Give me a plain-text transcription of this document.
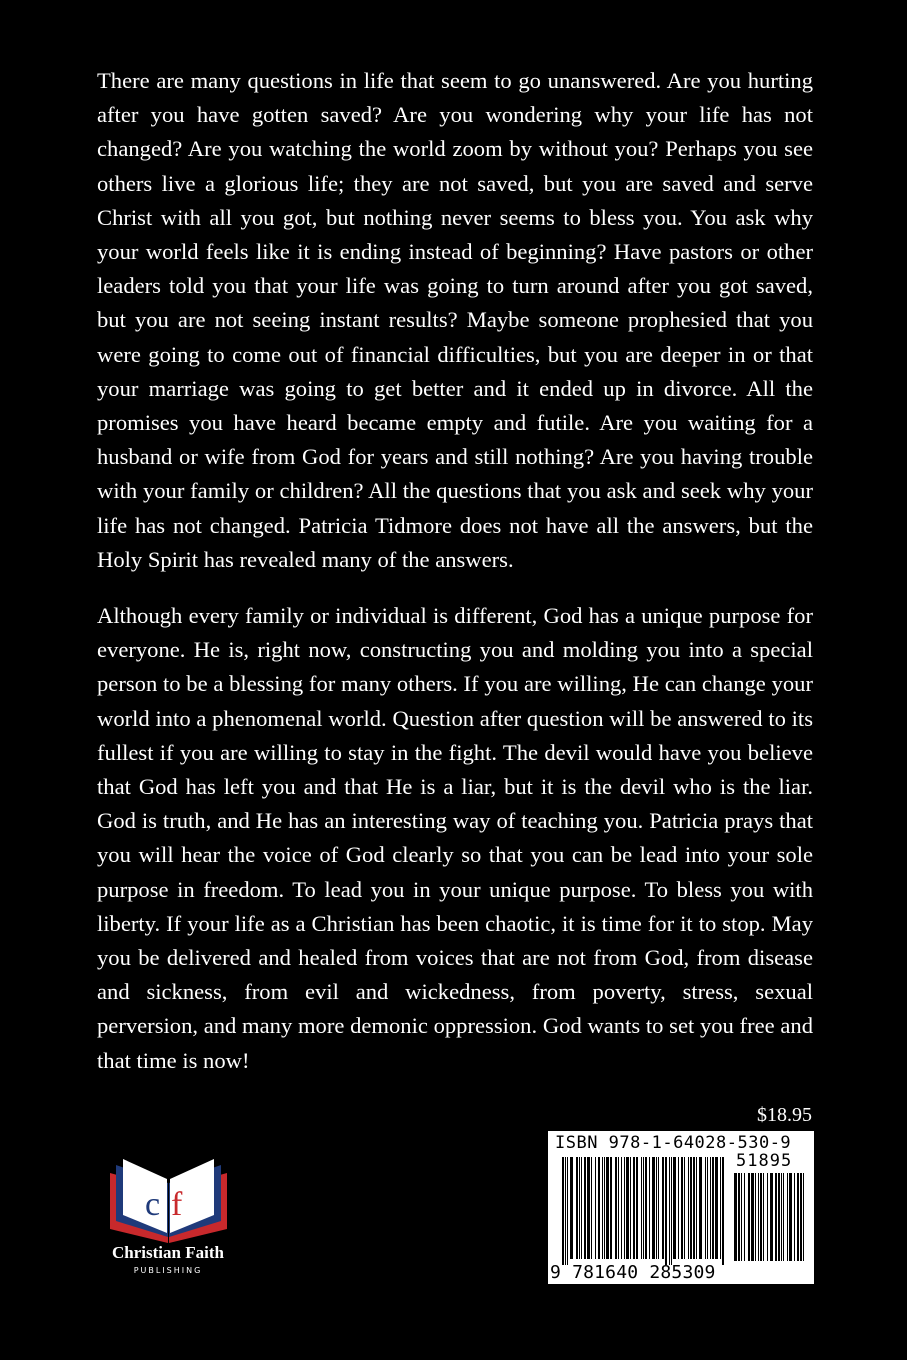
There are many questions in life that seem to go unanswered. Are you hurting after you have gotten saved? Are you wondering why your life has not changed? Are you watching the world zoom by without you? Perhaps you see others live a glorious life; they are not saved, but you are saved and serve Christ with all you got, but nothing never seems to bless you. You ask why your world feels like it is ending instead of beginning? Have pastors or other leaders told you that your life was going to turn around after you got saved, but you are not seeing instant results? Maybe someone prophesied that you were going to come out of financial difficulties, but you are deeper in or that your marriage was going to get better and it ended up in divorce. All the promises you have heard became empty and futile. Are you waiting for a husband or wife from God for years and still nothing? Are you having trouble with your family or children? All the questions that you ask and seek why your life has not changed. Patricia Tidmore does not have all the answers, but the Holy Spirit has revealed many of the answers.

Although every family or individual is different, God has a unique purpose for everyone. He is, right now, constructing you and molding you into a special person to be a blessing for many others. If you are willing, He can change your world into a phenomenal world. Question after question will be answered to its fullest if you are willing to stay in the fight. The devil would have you believe that God has left you and that He is a liar, but it is the devil who is the liar. God is truth, and He has an interesting way of teaching you. Patricia prays that you will hear the voice of God clearly so that you can be lead into your sole purpose in freedom. To lead you in your unique purpose. To bless you with liberty. If your life as a Christian has been chaotic, it is time for it to stop. May you be delivered and healed from voices that are not from God, from disease and sickness, from evil and wickedness, from poverty, stress, sexual perversion, and many more demonic oppression. God wants to set you free and that time is now!

$18.95
ISBN 978-1-64028-530-9
51895
9 781640 285309
c f
Christian Faith
PUBLISHING
